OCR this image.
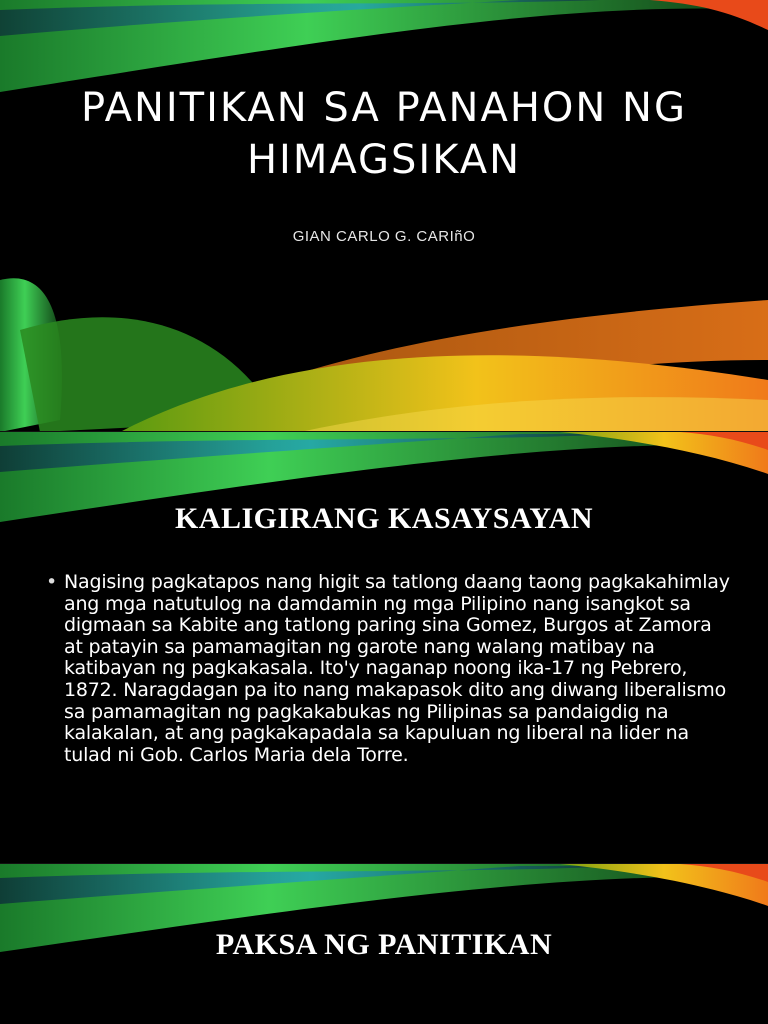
PANITIKAN SA PANAHON NG HIMAGSIKAN
GIAN CARLO G. CARIñO
KALIGIRANG KASAYSAYAN
• Nagising pagkatapos nang higit sa tatlong daang taong pagkakahimlay ang mga natutulog na damdamin ng mga Pilipino nang isangkot sa digmaan sa Kabite ang tatlong paring sina Gomez, Burgos at Zamora at patayin sa pamamagitan ng garote nang walang matibay na katibayan ng pagkakasala. Ito'y naganap noong ika-17 ng Pebrero, 1872. Naragdagan pa ito nang makapasok dito ang diwang liberalismo sa pamamagitan ng pagkakabukas ng Pilipinas sa pandaigdig na kalakalan, at ang pagkakapadala sa kapuluan ng liberal na lider na tulad ni Gob. Carlos Maria dela Torre.
PAKSA NG PANITIKAN
